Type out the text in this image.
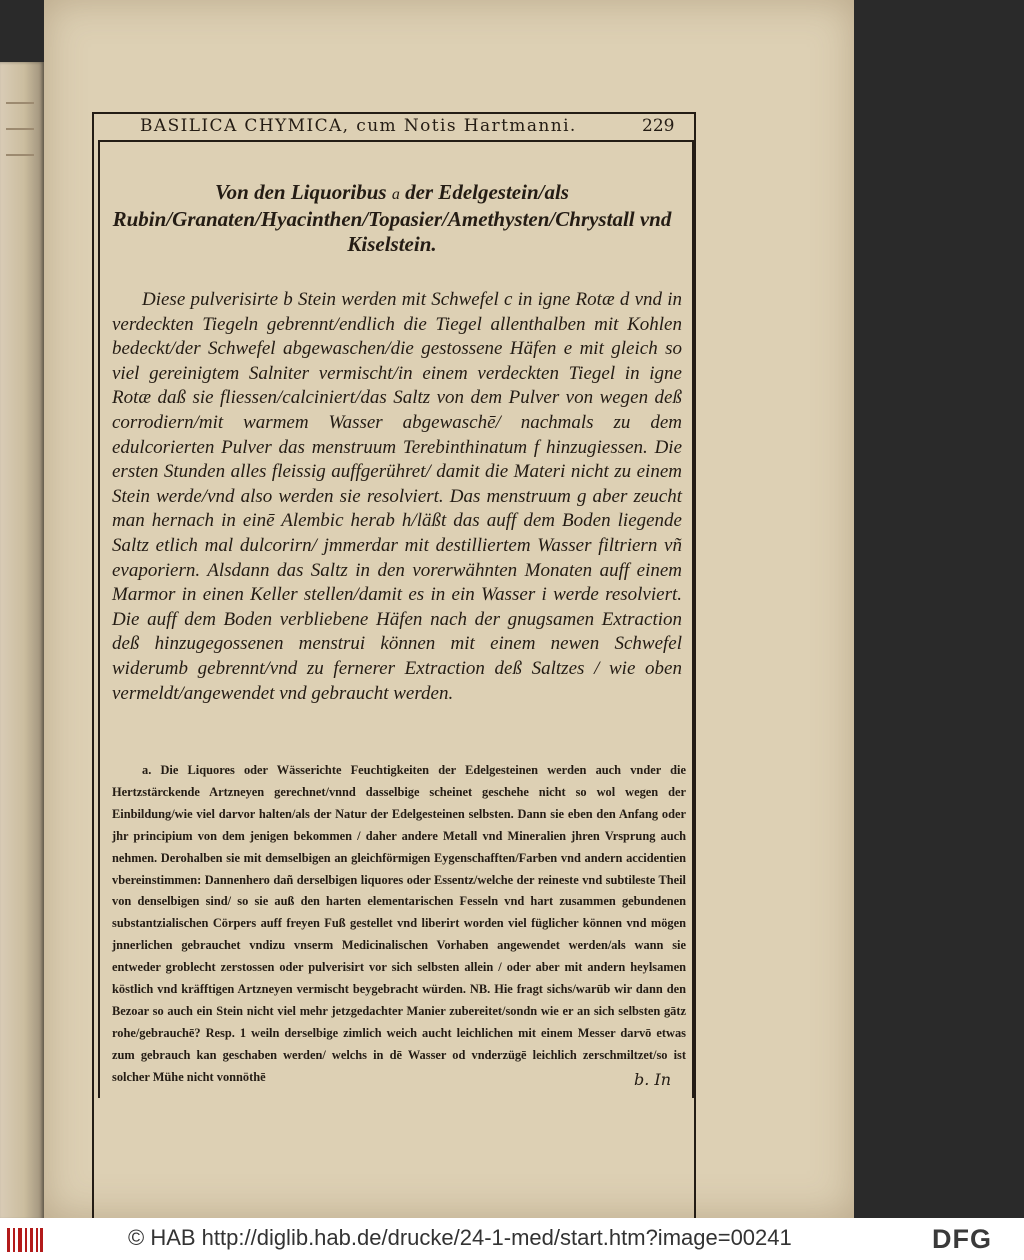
BASILICA CHYMICA, cum Notis Hartmanni.	229
Von den Liquoribus a der Edelgestein/als Rubin/Granaten/Hyacinthen/Topasier/Amethysten/Chrystall vnd Kiselstein.

Diese pulverisirte b Stein werden mit Schwefel c in igne Rotæ d vnd in verdeckten Tiegeln gebrennt/endlich die Tiegel allenthalben mit Kohlen bedeckt/der Schwefel abgewaschen/die gestossene Häfen e mit gleich so viel gereinigtem Salniter vermischt/in einem verdeckten Tiegel in igne Rotæ daß sie fliessen/calciniert/das Saltz von dem Pulver von wegen deß corrodiern/mit warmem Wasser abgewaschē/ nachmals zu dem edulcorierten Pulver das menstruum Terebinthinatum f hinzugiessen. Die ersten Stunden alles fleissig auffgerühret/ damit die Materi nicht zu einem Stein werde/vnd also werden sie resolviert. Das menstruum g aber zeucht man hernach in einē Alembic herab h/läßt das auff dem Boden liegende Saltz etlich mal dulcorirn/ jmmerdar mit destilliertem Wasser filtriern vñ evaporiern. Alsdann das Saltz in den vorerwähnten Monaten auff einem Marmor in einen Keller stellen/damit es in ein Wasser i werde resolviert. Die auff dem Boden verbliebene Häfen nach der gnugsamen Extraction deß hinzugegossenen menstrui können mit einem newen Schwefel widerumb gebrennt/vnd zu fernerer Extraction deß Saltzes / wie oben vermeldt/angewendet vnd gebraucht werden.

a. Die Liquores oder Wässerichte Feuchtigkeiten der Edelgesteinen werden auch vnder die Hertzstärckende Artzneyen gerechnet/vnnd dasselbige scheinet geschehe nicht so wol wegen der Einbildung/wie viel darvor halten/als der Natur der Edelgesteinen selbsten. Dann sie eben den Anfang oder jhr principium von dem jenigen bekommen / daher andere Metall vnd Mineralien jhren Vrsprung auch nehmen. Derohalben sie mit demselbigen an gleichförmigen Eygenschafften/Farben vnd andern accidentien vbereinstimmen: Dannenhero dañ derselbigen liquores oder Essentz/welche der reineste vnd subtileste Theil von denselbigen sind/ so sie auß den harten elementarischen Fesseln vnd hart zusammen gebundenen substantzialischen Cörpers auff freyen Fuß gestellet vnd liberirt worden viel füglicher können vnd mögen jnnerlichen gebrauchet vndizu vnserm Medicinalischen Vorhaben angewendet werden/als wann sie entweder groblecht zerstossen oder pulverisirt vor sich selbsten allein / oder aber mit andern heylsamen köstlich vnd kräfftigen Artzneyen vermischt beygebracht würden. NB. Hie fragt sichs/warūb wir dann den Bezoar so auch ein Stein nicht viel mehr jetzgedachter Manier zubereitet/sondn wie er an sich selbsten gātz rohe/gebrauchē? Resp. 1 weiln derselbige zimlich weich aucht leichlichen mit einem Messer darvō etwas zum gebrauch kan geschaben werden/ welchs in dē Wasser od vnderzügē leichlich zerschmiltzet/so ist solcher Mühe nicht vonnöthē	b. In
© HAB http://diglib.hab.de/drucke/24-1-med/start.htm?image=00241	DFG
